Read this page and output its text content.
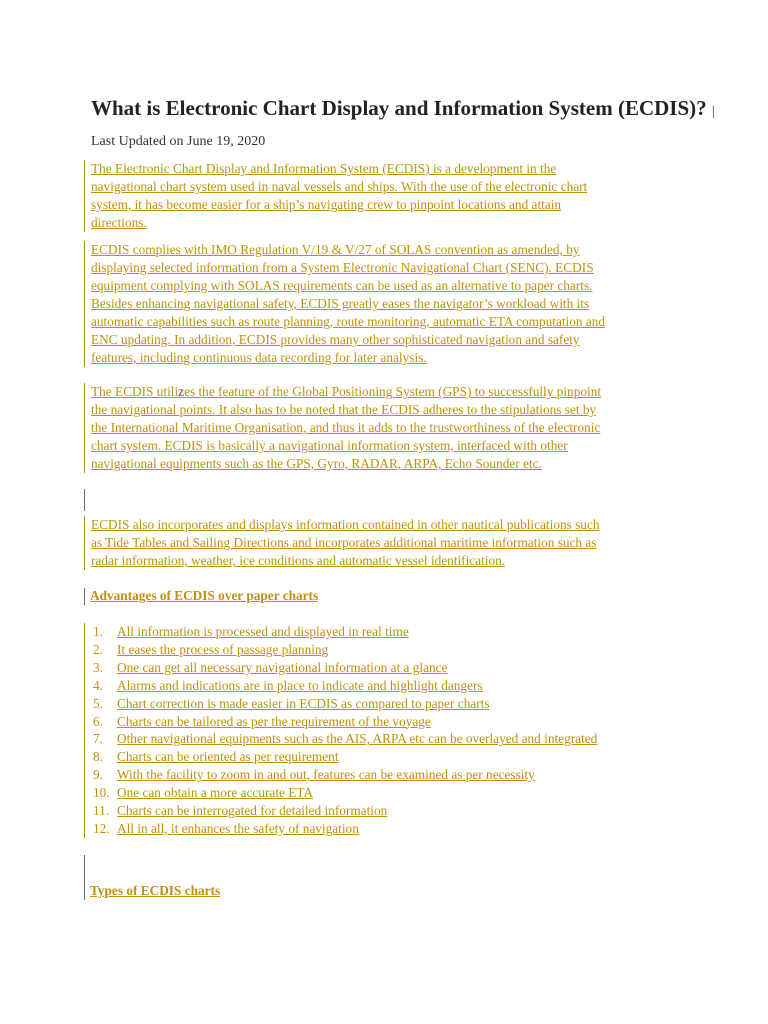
What is Electronic Chart Display and Information System (ECDIS)? | Last Updated on June 19, 2020
The Electronic Chart Display and Information System (ECDIS) is a development in the
navigational chart system used in naval vessels and ships. With the use of the electronic chart
system, it has become easier for a ship’s navigating crew to pinpoint locations and attain
directions.
ECDIS complies with IMO Regulation V/19 & V/27 of SOLAS convention as amended, by
displaying selected information from a System Electronic Navigational Chart (SENC). ECDIS
equipment complying with SOLAS requirements can be used as an alternative to paper charts.
Besides enhancing navigational safety, ECDIS greatly eases the navigator’s workload with its
automatic capabilities such as route planning, route monitoring, automatic ETA computation and
ENC updating. In addition, ECDIS provides many other sophisticated navigation and safety
features, including continuous data recording for later analysis.
The ECDIS utilizes the feature of the Global Positioning System (GPS) to successfully pinpoint
the navigational points. It also has to be noted that the ECDIS adheres to the stipulations set by
the International Maritime Organisation, and thus it adds to the trustworthiness of the electronic
chart system. ECDIS is basically a navigational information system, interfaced with other
navigational equipments such as the GPS, Gyro, RADAR, ARPA, Echo Sounder etc.
ECDIS also incorporates and displays information contained in other nautical publications such
as Tide Tables and Sailing Directions and incorporates additional maritime information such as
radar information, weather, ice conditions and automatic vessel identification.
Advantages of ECDIS over paper charts
1. All information is processed and displayed in real time
2. It eases the process of passage planning
3. One can get all necessary navigational information at a glance
4. Alarms and indications are in place to indicate and highlight dangers
5. Chart correction is made easier in ECDIS as compared to paper charts
6. Charts can be tailored as per the requirement of the voyage
7. Other navigational equipments such as the AIS, ARPA etc can be overlayed and integrated
8. Charts can be oriented as per requirement
9. With the facility to zoom in and out, features can be examined as per necessity
10. One can obtain a more accurate ETA
11. Charts can be interrogated for detailed information
12. All in all, it enhances the safety of navigation
Types of ECDIS charts
